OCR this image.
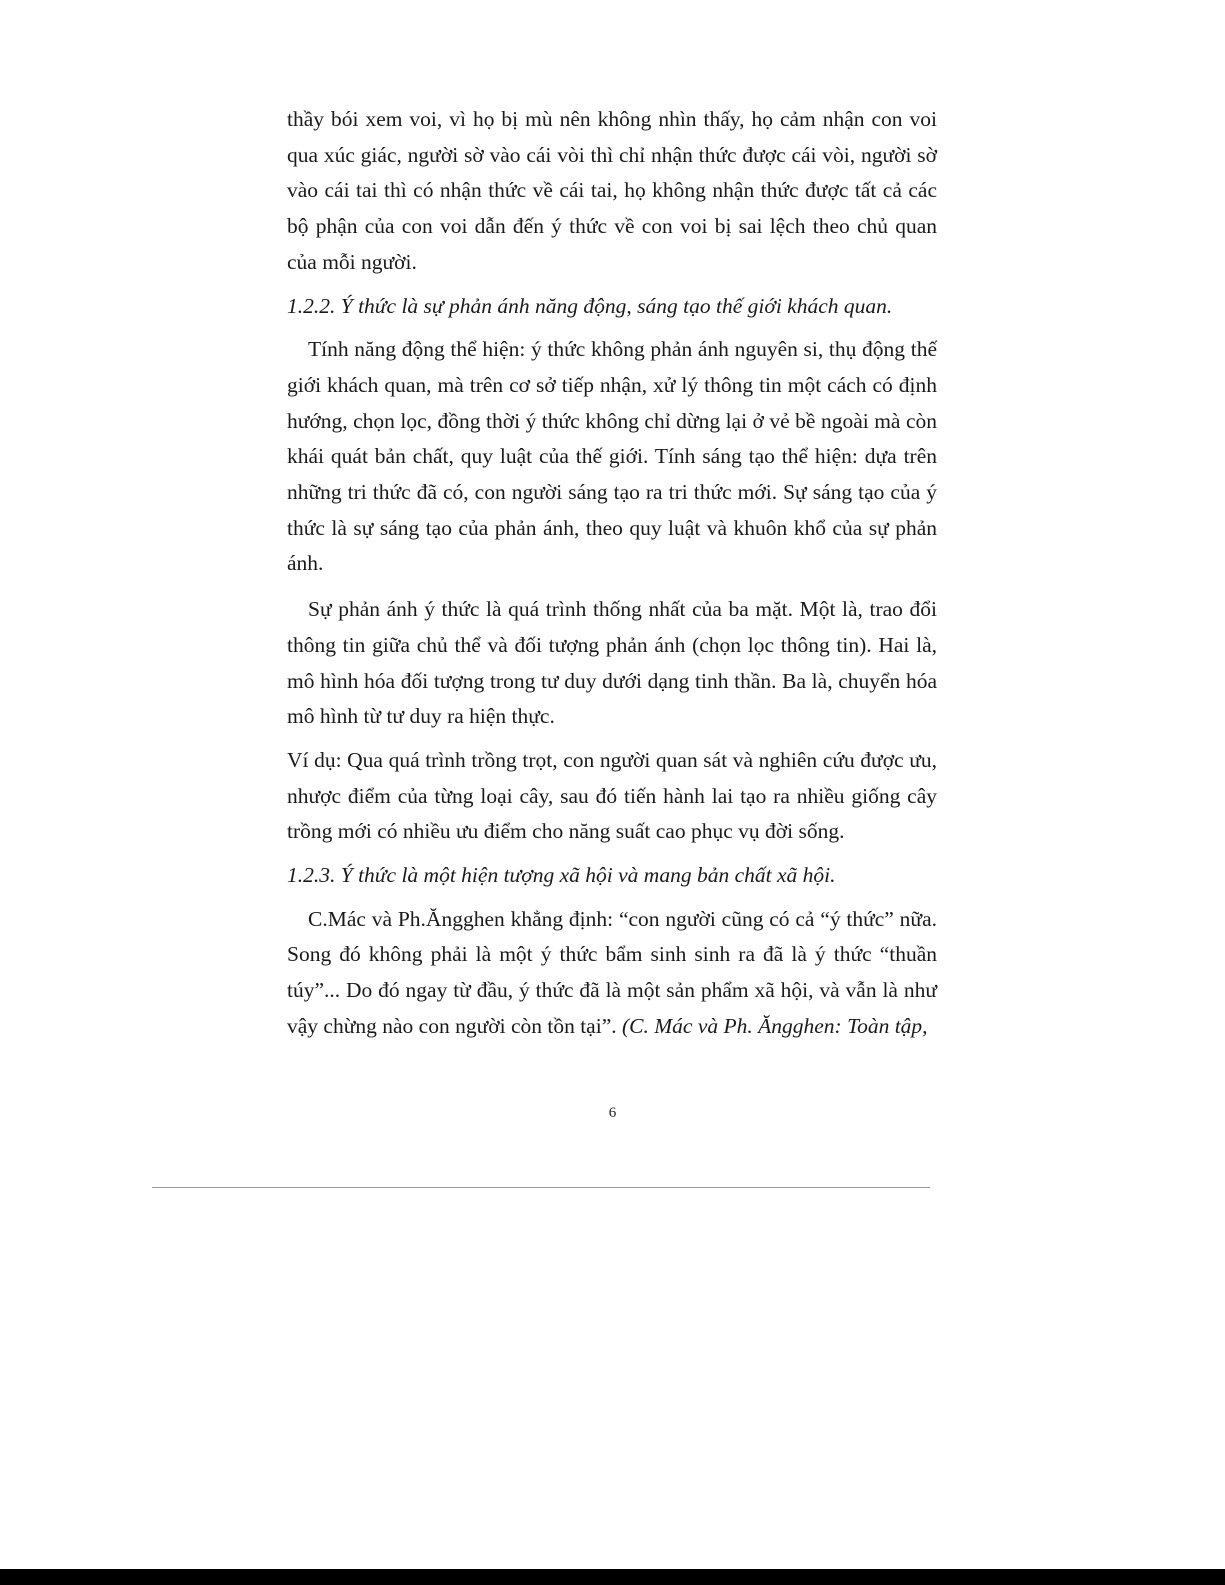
thầy bói xem voi, vì họ bị mù nên không nhìn thấy, họ cảm nhận con voi qua xúc giác, người sờ vào cái vòi thì chỉ nhận thức được cái vòi, người sờ vào cái tai thì có nhận thức về cái tai, họ không nhận thức được tất cả các bộ phận của con voi dẫn đến ý thức về con voi bị sai lệch theo chủ quan của mỗi người.

1.2.2. Ý thức là sự phản ánh năng động, sáng tạo thế giới khách quan.

Tính năng động thể hiện: ý thức không phản ánh nguyên si, thụ động thế giới khách quan, mà trên cơ sở tiếp nhận, xử lý thông tin một cách có định hướng, chọn lọc, đồng thời ý thức không chỉ dừng lại ở vẻ bề ngoài mà còn khái quát bản chất, quy luật của thế giới. Tính sáng tạo thể hiện: dựa trên những tri thức đã có, con người sáng tạo ra tri thức mới. Sự sáng tạo của ý thức là sự sáng tạo của phản ánh, theo quy luật và khuôn khổ của sự phản ánh.

Sự phản ánh ý thức là quá trình thống nhất của ba mặt. Một là, trao đổi thông tin giữa chủ thể và đối tượng phản ánh (chọn lọc thông tin). Hai là, mô hình hóa đối tượng trong tư duy dưới dạng tinh thần. Ba là, chuyển hóa mô hình từ tư duy ra hiện thực.

Ví dụ: Qua quá trình trồng trọt, con người quan sát và nghiên cứu được ưu, nhược điểm của từng loại cây, sau đó tiến hành lai tạo ra nhiều giống cây trồng mới có nhiều ưu điểm cho năng suất cao phục vụ đời sống.

1.2.3. Ý thức là một hiện tượng xã hội và mang bản chất xã hội.

C.Mác và Ph.Ăngghen khẳng định: “con người cũng có cả “ý thức” nữa. Song đó không phải là một ý thức bẩm sinh sinh ra đã là ý thức “thuần túy”... Do đó ngay từ đầu, ý thức đã là một sản phẩm xã hội, và vẫn là như vậy chừng nào con người còn tồn tại”. (C. Mác và Ph. Ăngghen: Toàn tập,

6
